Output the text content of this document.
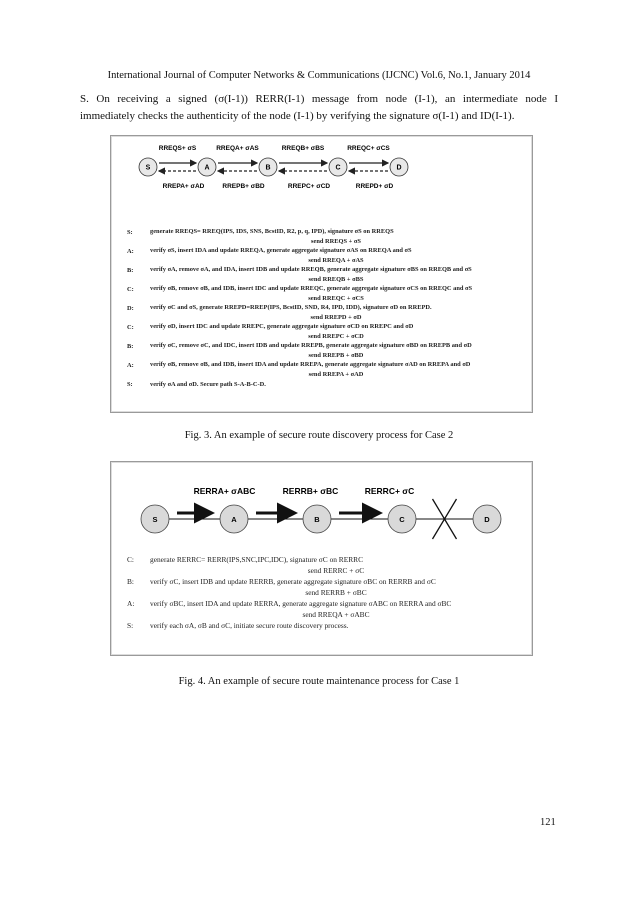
International Journal of Computer Networks & Communications (IJCNC) Vol.6, No.1, January 2014
S. On receiving a signed (σ(I-1)) RERR(I-1) message from node (I-1), an intermediate node I
immediately checks the authenticity of the node (I-1) by verifying the signature σ(I-1) and ID(I-1).
S	A	B	C	D
RREQS+ σS	RREQA+ σAS	RREQB+ σBS	RREQC+ σCS
RREPA+ σAD	RREPB+ σBD	RREPC+ σCD	RREPD+ σD
S:	generate RREQS= RREQ(IPS, IDS, SNS, BcstID, R2, p, q, IPD), signature σS on RREQS
send RREQS + σS
A:	verify σS, insert IDA and update RREQA, generate aggregate signature σAS on RREQA and σS
send RREQA + σAS
B:	verify σA, remove σA, and IDA, insert IDB and update RREQB, generate aggregate signature σBS on RREQB and σS
send RREQB + σBS
C:	verify σB, remove σB, and IDB, insert IDC and update RREQC, generate aggregate signature σCS on RREQC and σS
send RREQC + σCS
D:	verify σC and σS, generate RREPD=RREP(IPS, BcstID, SND, R4, IPD, IDD), signature σD on RREPD.
send RREPD + σD
C:	verify σD, insert IDC and update RREPC, generate aggregate signature σCD on RREPC and σD
send RREPC + σCD
B:	verify σC, remove σC, and IDC, insert IDB and update RREPB, generate aggregate signature σBD on RREPB and σD
send RREPB + σBD
A:	verify σB, remove σB, and IDB, insert IDA and update RREPA, generate aggregate signature σAD on RREPA and σD
send RREPA + σAD
S:	verify σA and σD. Secure path S-A-B-C-D.
Fig. 3. An example of secure route discovery process for Case 2
S	A	B	C	D
RERRA+ σABC	RERRB+ σBC	RERRC+ σC
C:	generate RERRC= RERR(IPS,SNC,IPC,IDC), signature σC on RERRC
send RERRC + σC
B:	verify σC, insert IDB and update RERRB, generate aggregate signature σBC on RERRB and σC
send RERRB + σBC
A:	verify σBC, insert IDA and update RERRA, generate aggregate signature σABC on RERRA and σBC
send RREQA + σABC
S:	verify each σA, σB and σC, initiate secure route discovery process.
Fig. 4. An example of secure route maintenance process for Case 1
121
